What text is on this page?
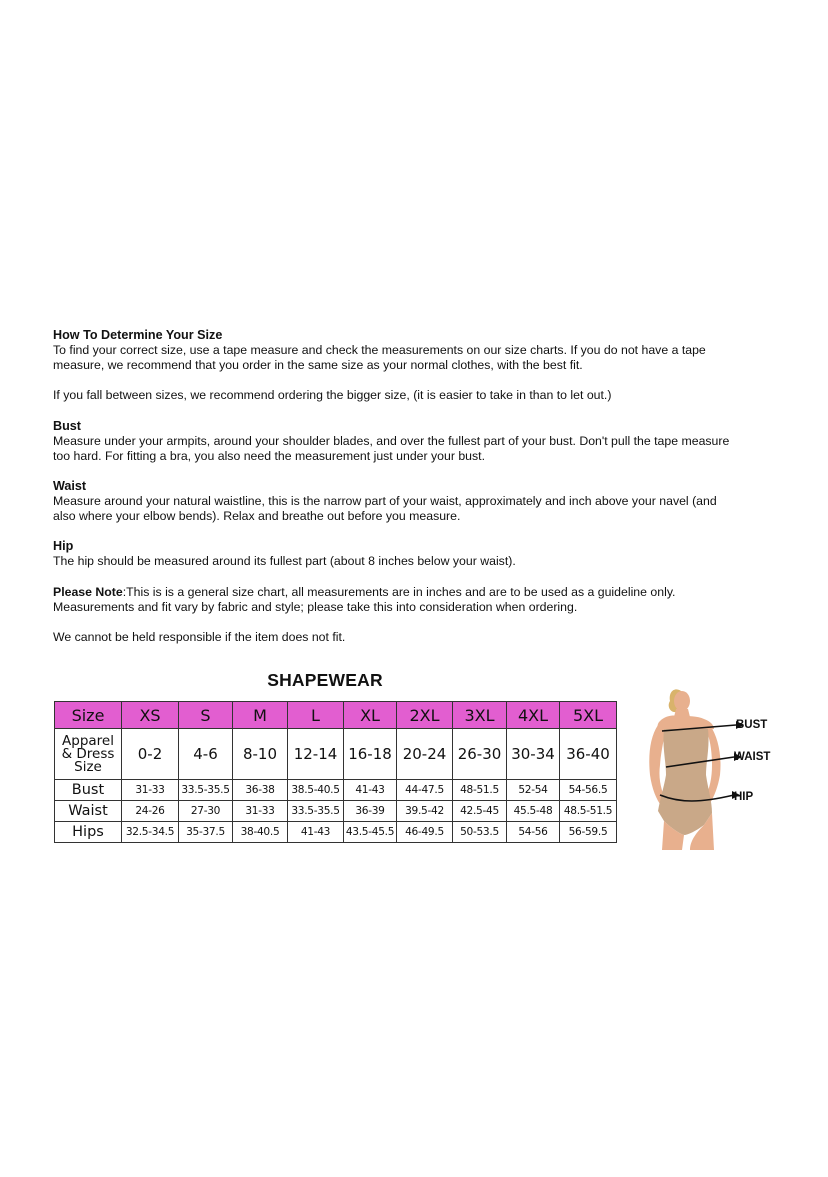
How To Determine Your Size

To find your correct size, use a tape measure and check the measurements on our size charts. If you do not have a tape measure, we recommend that you order in the same size as your normal clothes, with the best fit.

If you fall between sizes, we recommend ordering the bigger size, (it is easier to take in than to let out.)

Bust

Measure under your armpits, around your shoulder blades, and over the fullest part of your bust. Don't pull the tape measure too hard. For fitting a bra, you also need the measurement just under your bust.

Waist

Measure around your natural waistline, this is the narrow part of your waist, approximately and inch above your navel (and also where your elbow bends). Relax and breathe out before you measure.

Hip

The hip should be measured around its fullest part (about 8 inches below your waist).

Please Note:This is is a general size chart, all measurements are in inches and are to be used as a guideline only. Measurements and fit vary by fabric and style; please take this into consideration when ordering.

We cannot be held responsible if the item does not fit.

SHAPEWEAR
Size	XS	S	M	L	XL	2XL	3XL	4XL	5XL

Apparel
& Dress
Size	0-2	4-6	8-10	12-14	16-18	20-24	26-30	30-34	36-40
Bust	31-33	33.5-35.5	36-38	38.5-40.5	41-43	44-47.5	48-51.5	52-54	54-56.5
Waist	24-26	27-30	31-33	33.5-35.5	36-39	39.5-42	42.5-45	45.5-48	48.5-51.5
Hips	32.5-34.5	35-37.5	38-40.5	41-43	43.5-45.5	46-49.5	50-53.5	54-56	56-59.5
BUST
WAIST
HIP
